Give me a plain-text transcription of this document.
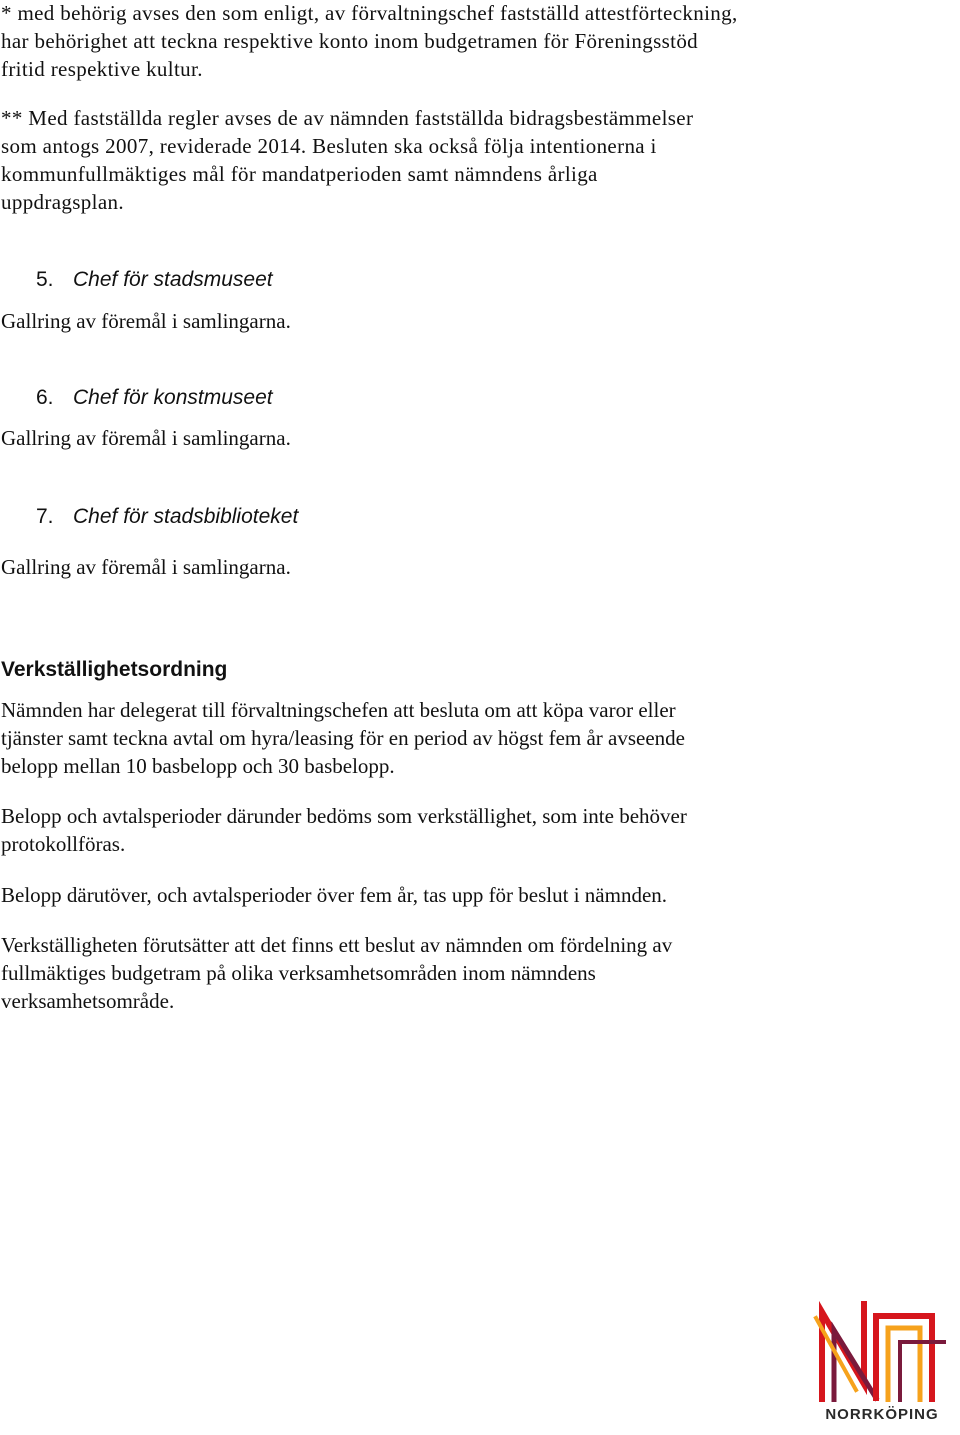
* med behörig avses den som enligt, av förvaltningschef fastställd attestförteckning,

har behörighet att teckna respektive konto inom budgetramen för Föreningsstöd

fritid respektive kultur.

** Med fastställda regler avses de av nämnden fastställda bidragsbestämmelser

som antogs 2007, reviderade 2014. Besluten ska också följa intentionerna i

kommunfullmäktiges mål för mandatperioden samt nämndens årliga

uppdragsplan.

5. Chef för stadsmuseet

Gallring av föremål i samlingarna.

6. Chef för konstmuseet

Gallring av föremål i samlingarna.

7. Chef för stadsbiblioteket

Gallring av föremål i samlingarna.

Verkställighetsordning

Nämnden har delegerat till förvaltningschefen att besluta om att köpa varor eller

tjänster samt teckna avtal om hyra/leasing för en period av högst fem år avseende

belopp mellan 10 basbelopp och 30 basbelopp.

Belopp och avtalsperioder därunder bedöms som verkställighet, som inte behöver

protokollföras.

Belopp därutöver, och avtalsperioder över fem år, tas upp för beslut i nämnden.

Verkställigheten förutsätter att det finns ett beslut av nämnden om fördelning av

fullmäktiges budgetram på olika verksamhetsområden inom nämndens

verksamhetsområde.

NORRKÖPING
